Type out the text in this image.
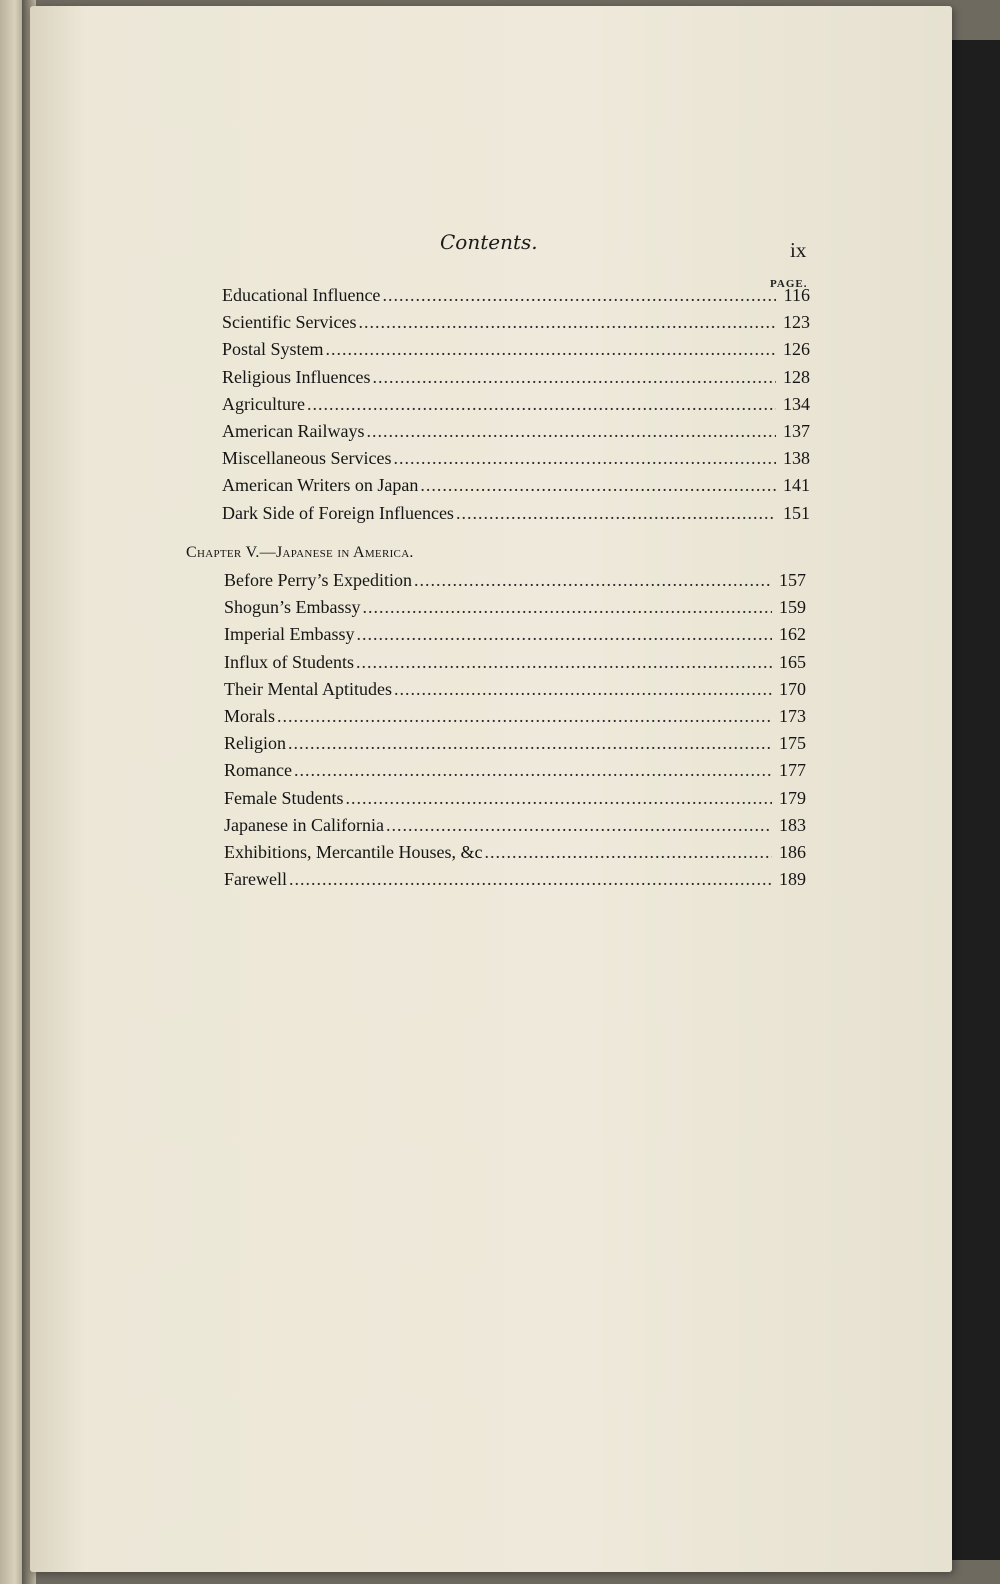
Contents.	ix
PAGE.
Educational Influence .....	116
Scientific Services .....	123
Postal System .....	126
Religious Influences .....	128
Agriculture .....	134
American Railways .....	137
Miscellaneous Services .....	138
American Writers on Japan .....	141
Dark Side of Foreign Influences .....	151
Chapter V.—Japanese in America.
Before Perry’s Expedition .....	157
Shogun’s Embassy .....	159
Imperial Embassy .....	162
Influx of Students .....	165
Their Mental Aptitudes .....	170
Morals .....	173
Religion .....	175
Romance .....	177
Female Students .....	179
Japanese in California .....	183
Exhibitions, Mercantile Houses, &c .....	186
Farewell .....	189
